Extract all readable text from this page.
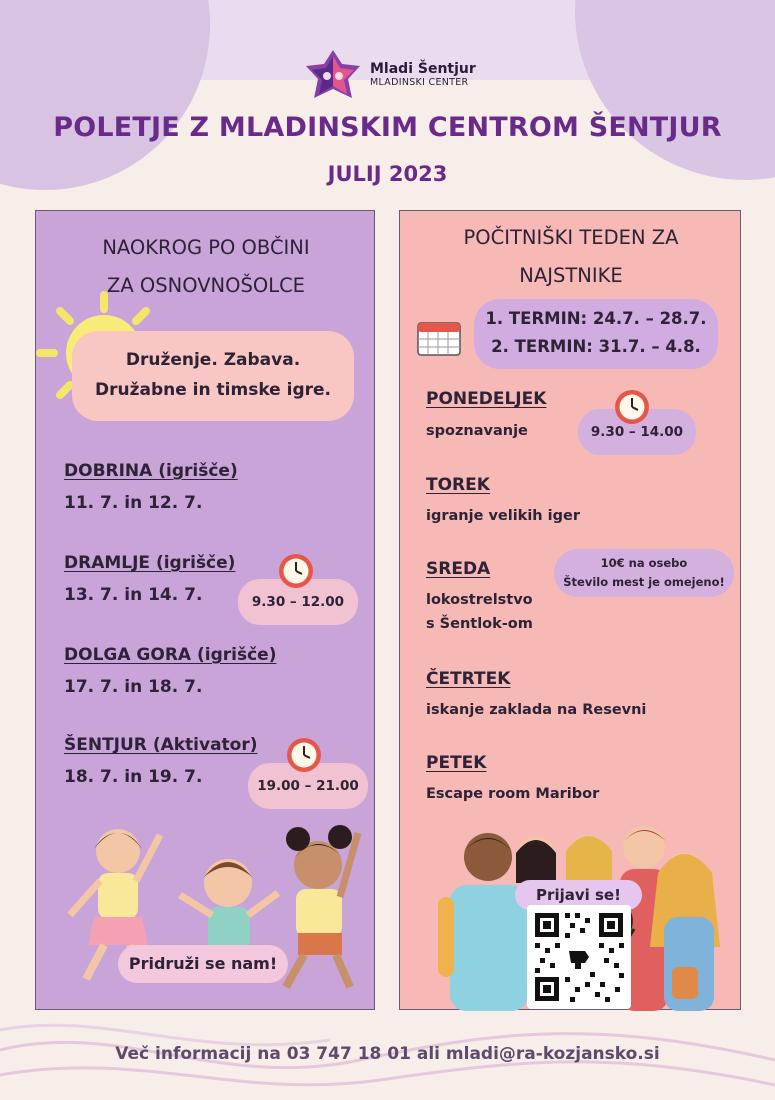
Mladi Šentjur
MLADINSKI CENTER
POLETJE Z MLADINSKIM CENTROM ŠENTJUR
JULIJ 2023
NAOKROG PO OBČINI
ZA OSNOVNOŠOLCE
Druženje. Zabava.
Družabne in timske igre.
DOBRINA (igrišče)
11. 7. in 12. 7.
DRAMLJE (igrišče)
13. 7. in 14. 7.	9.30 – 12.00
DOLGA GORA (igrišče)
17. 7. in 18. 7.
ŠENTJUR (Aktivator)
18. 7. in 19. 7.	19.00 – 21.00
Pridruži se nam!
POČITNIŠKI TEDEN ZA
NAJSTNIKE
1. TERMIN: 24.7. – 28.7.
2. TERMIN: 31.7. – 4.8.
PONEDELJEK
spoznavanje	9.30 – 14.00
TOREK
igranje velikih iger
SREDA
lokostrelstvo
s Šentlok-om
10€ na osebo
Število mest je omejeno!
ČETRTEK
iskanje zaklada na Resevni
PETEK
Escape room Maribor
Prijavi se!
Več informacij na 03 747 18 01 ali mladi@ra-kozjansko.si
